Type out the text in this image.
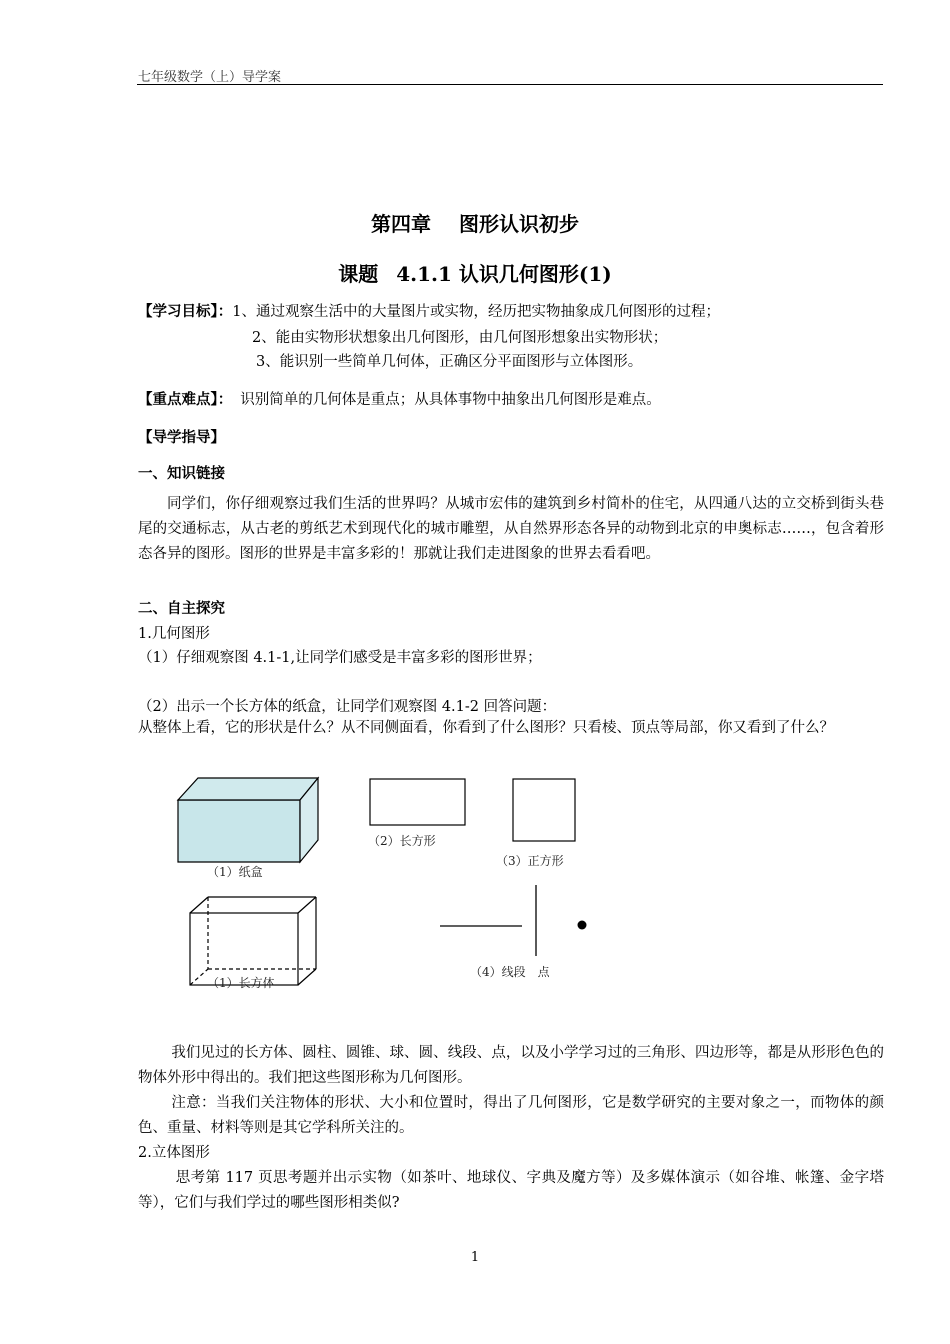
七年级数学（上）导学案
第四章 图形认识初步
课题 4.1.1 认识几何图形(1)
【学习目标】：1、通过观察生活中的大量图片或实物，经历把实物抽象成几何图形的过程；
2、能由实物形状想象出几何图形，由几何图形想象出实物形状；
3、能识别一些简单几何体，正确区分平面图形与立体图形。
【重点难点】： 识别简单的几何体是重点；从具体事物中抽象出几何图形是难点。
【导学指导】
一、知识链接
同学们，你仔细观察过我们生活的世界吗？从城市宏伟的建筑到乡村简朴的住宅，从四通八达的立交桥到街头巷尾的交通标志，从古老的剪纸艺术到现代化的城市雕塑，从自然界形态各异的动物到北京的申奥标志……，包含着形态各异的图形。图形的世界是丰富多彩的！那就让我们走进图象的世界去看看吧。
二、自主探究
1.几何图形
（1）仔细观察图 4.1-1,让同学们感受是丰富多彩的图形世界；
（2）出示一个长方体的纸盒，让同学们观察图 4.1-2 回答问题：
从整体上看，它的形状是什么？从不同侧面看，你看到了什么图形？只看棱、顶点等局部，你又看到了什么？
（1）纸盒
（2）长方形
（3）正方形
（1）长方体
（4）线段　点
我们见过的长方体、圆柱、圆锥、球、圆、线段、点，以及小学学习过的三角形、四边形等，都是从形形色色的物体外形中得出的。我们把这些图形称为几何图形。
注意：当我们关注物体的形状、大小和位置时，得出了几何图形，它是数学研究的主要对象之一，而物体的颜色、重量、材料等则是其它学科所关注的。
2.立体图形
思考第 117 页思考题并出示实物（如茶叶、地球仪、字典及魔方等）及多媒体演示（如谷堆、帐篷、金字塔等），它们与我们学过的哪些图形相类似?
1
